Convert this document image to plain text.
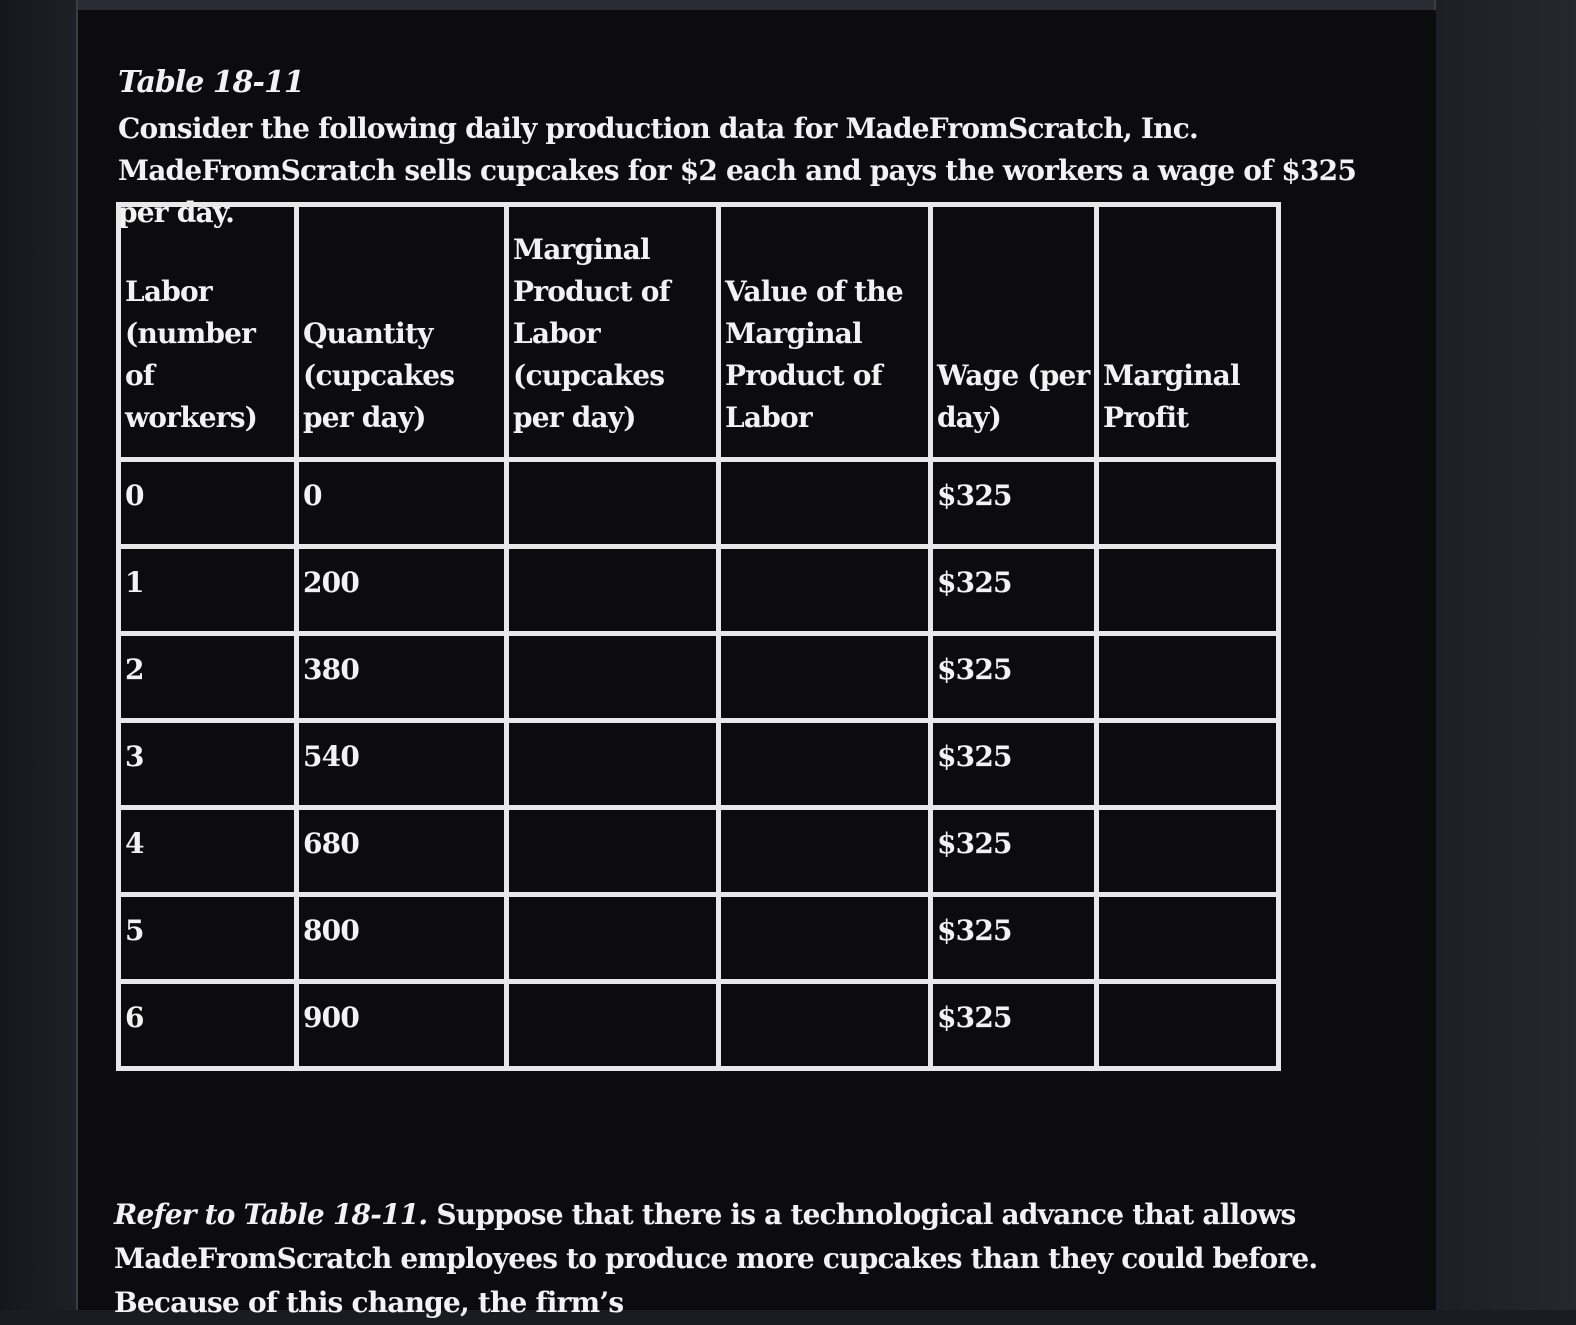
Table 18-11
Consider the following daily production data for MadeFromScratch, Inc. MadeFromScratch sells cupcakes for $2 each and pays the workers a wage of $325 per day.
Labor (number of workers)	Quantity (cupcakes per day)	Marginal Product of Labor (cupcakes per day)	Value of the Marginal Product of Labor	Wage (per day)	Marginal Profit
0	0			$325	
1	200			$325	
2	380			$325	
3	540			$325	
4	680			$325	
5	800			$325	
6	900			$325	
Refer to Table 18-11. Suppose that there is a technological advance that allows MadeFromScratch employees to produce more cupcakes than they could before. Because of this change, the firm’s
